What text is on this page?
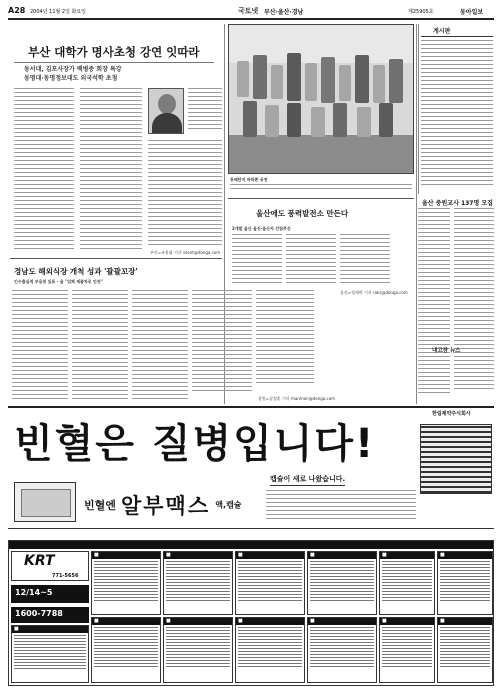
A28 2004년 11월 2일 화요일	국토넷 부산·울산·경남	제25905호	동아일보
부산 대학가 명사초청 강연 잇따라
동서대, 김포사장가 백병중 회장 특강
동명대·동명정보대도 외국석학 초청
부산=조용휘 기자 silent@donga.com
경남도 해외식장 개척 성과 '괄괄꼬장'
인수출실적 부용위 있표 · 을 "업체 제품차로 안전"
창원=강정훈 기자 manman@donga.com
동래단지 마라톤 공연
울산에도 풍력발전소 만든다
2개발 울산 울진·울산자 건립추진
울산=정재락 기자 raks@donga.com
울산 중원교사 137명 모집
게시판
내고장 뉴스
빈혈은 질병입니다!
캡슐이 새로 나왔습니다.
빈혈엔 알부맥스 액,캡슐
한림제약주식회사
KRT
771-5656
12/14~5
1600-7788
■	■	■	■	■	■
■
■	■	■	■	■	■
